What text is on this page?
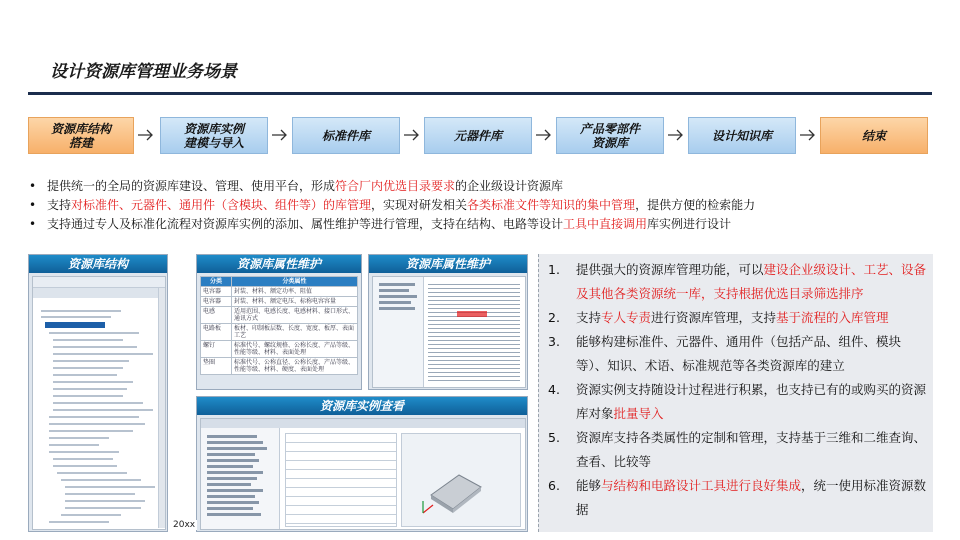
设计资源库管理业务场景
资源库结构
搭建
资源库实例
建模与导入	标准件库	元器件库	产品零部件
资源库	设计知识库	结束
• 提供统一的全局的资源库建设、管理、使用平台，形成符合厂内优选目录要求的企业级设计资源库
• 支持对标准件、元器件、通用件（含模块、组件等）的库管理，实现对研发相关各类标准文件等知识的集中管理，提供方便的检索能力
• 支持通过专人及标准化流程对资源库实例的添加、属性维护等进行管理，支持在结构、电路等设计工具中直接调用库实例进行设计
资源库结构	资源库属性维护
分类	分类属性
电容器	封装、材料、额定功率、阻值
电容器	封装、材料、额定电压、标称电容容量
电感	适用范围、电感长度、电感材料、接口形式、通讯方式
电路板	板材、印制板层数、长度、宽度、板厚、表面工艺
螺钉	标准代号、螺纹规格、公称长度、产品等级、性能等级、材料、表面处理
垫圈	标准代号、公称直径、公称长度、产品等级、性能等级、材料、硬度、表面处理
资源库属性维护
资源库实例查看
20xx
1. 提供强大的资源库管理功能，可以建设企业级设计、工艺、设备及其他各类资源统一库，支持根据优选目录筛选排序
2. 支持专人专责进行资源库管理，支持基于流程的入库管理
3. 能够构建标准件、元器件、通用件（包括产品、组件、模块等）、知识、术语、标准规范等各类资源库的建立
4. 资源实例支持随设计过程进行积累，也支持已有的或购买的资源库对象批量导入
5. 资源库支持各类属性的定制和管理，支持基于三维和二维查询、查看、比较等
6. 能够与结构和电路设计工具进行良好集成，统一使用标准资源数据
